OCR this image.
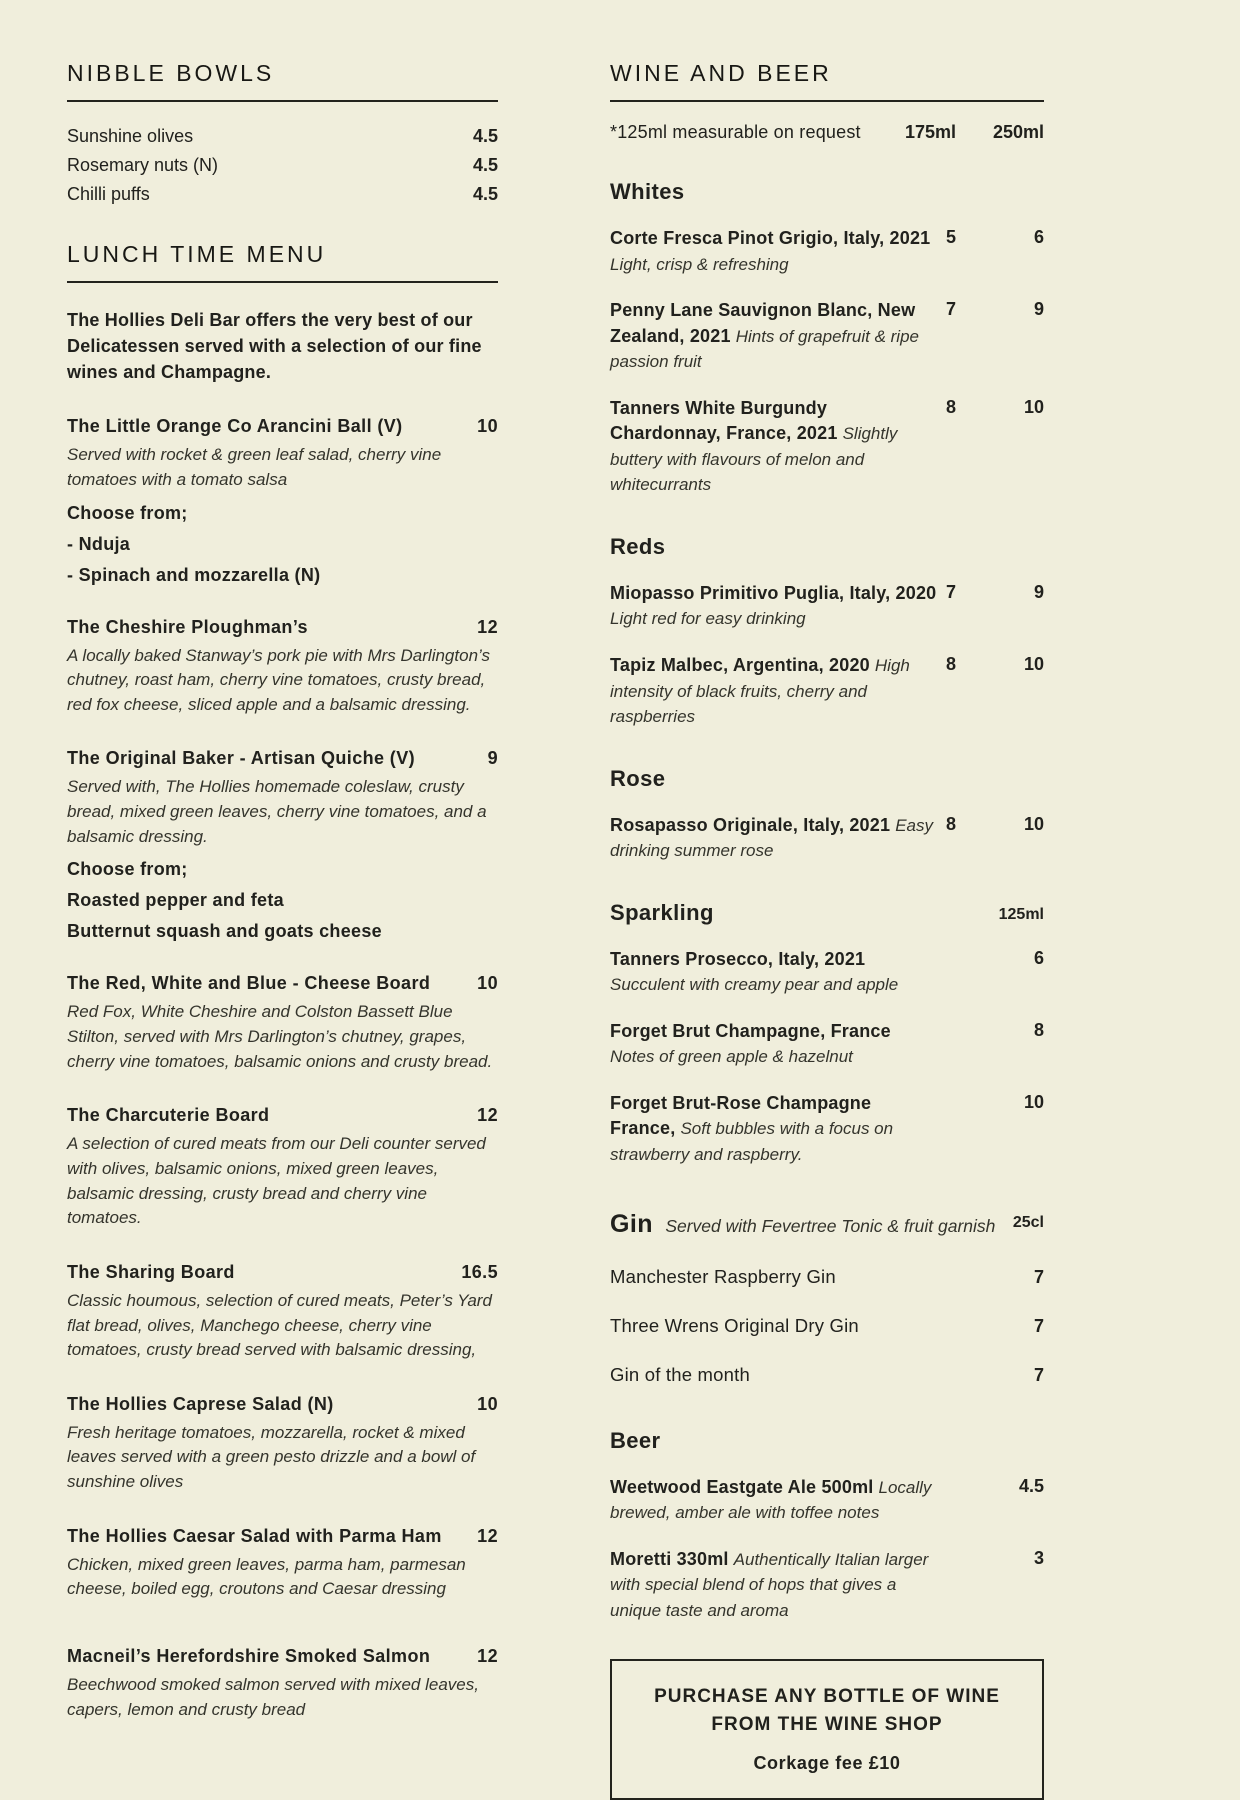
NIBBLE BOWLS
Sunshine olives	4.5
Rosemary nuts (N)	4.5
Chilli puffs	4.5
LUNCH TIME MENU

The Hollies Deli Bar offers the very best of our Delicatessen served with a selection of our fine wines and Champagne.

The Little Orange Co Arancini Ball (V)	10

Served with rocket & green leaf salad, cherry vine tomatoes with a tomato salsa

Choose from;

- Nduja

- Spinach and mozzarella (N)

The Cheshire Ploughman’s	12

A locally baked Stanway’s pork pie with Mrs Darlington’s chutney, roast ham, cherry vine tomatoes, crusty bread, red fox cheese, sliced apple and a balsamic dressing.

The Original Baker - Artisan Quiche (V)	9

Served with, The Hollies homemade coleslaw, crusty bread, mixed green leaves, cherry vine tomatoes, and a balsamic dressing.

Choose from;

Roasted pepper and feta

Butternut squash and goats cheese

The Red, White and Blue - Cheese Board	10

Red Fox, White Cheshire and Colston Bassett Blue Stilton, served with Mrs Darlington’s chutney, grapes, cherry vine tomatoes, balsamic onions and crusty bread.

The Charcuterie Board	12

A selection of cured meats from our Deli counter served with olives, balsamic onions, mixed green leaves, balsamic dressing, crusty bread and cherry vine tomatoes.

The Sharing Board	16.5

Classic houmous, selection of cured meats, Peter’s Yard flat bread, olives, Manchego cheese, cherry vine tomatoes, crusty bread served with balsamic dressing,

The Hollies Caprese Salad (N)	10

Fresh heritage tomatoes, mozzarella, rocket & mixed leaves served with a green pesto drizzle and a bowl of sunshine olives

The Hollies Caesar Salad with Parma Ham	12

Chicken, mixed green leaves, parma ham, parmesan cheese, boiled egg, croutons and Caesar dressing

Macneil’s Herefordshire Smoked Salmon	12

Beechwood smoked salmon served with mixed leaves, capers, lemon and crusty bread

WINE AND BEER
*125ml measurable on request	175ml	250ml
Whites
Corte Fresca Pinot Grigio, Italy, 2021 Light, crisp & refreshing
5	6
Penny Lane Sauvignon Blanc, New Zealand, 2021 Hints of grapefruit & ripe passion fruit
7	9
Tanners White Burgundy Chardonnay, France, 2021 Slightly buttery with flavours of melon and whitecurrants
8	10
Reds
Miopasso Primitivo Puglia, Italy, 2020 Light red for easy drinking
7	9
Tapiz Malbec, Argentina, 2020 High intensity of black fruits, cherry and raspberries
8	10
Rose
Rosapasso Originale, Italy, 2021 Easy drinking summer rose
8	10
Sparkling	125ml
Tanners Prosecco, Italy, 2021 Succulent with creamy pear and apple
6
Forget Brut Champagne, France Notes of green apple & hazelnut
8
Forget Brut-Rose Champagne France, Soft bubbles with a focus on strawberry and raspberry.
10
Gin Served with Fevertree Tonic & fruit garnish	25cl
Manchester Raspberry Gin	7
Three Wrens Original Dry Gin	7
Gin of the month	7
Beer
Weetwood Eastgate Ale 500ml Locally brewed, amber ale with toffee notes
4.5
Moretti 330ml Authentically Italian larger with special blend of hops that gives a unique taste and aroma
3
PURCHASE ANY BOTTLE OF WINE
FROM THE WINE SHOP
Corkage fee £10
